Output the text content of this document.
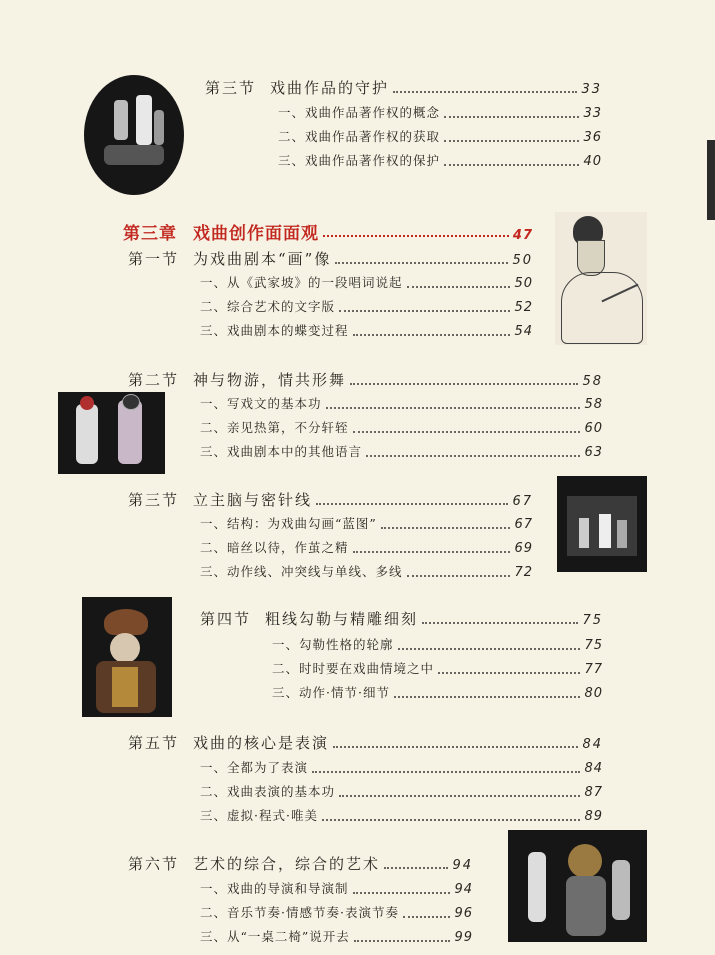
第三节 戏曲作品的守护	33
一、戏曲作品著作权的概念	33
二、戏曲作品著作权的获取	36
三、戏曲作品著作权的保护	40
第三章 戏曲创作面面观	47
第一节 为戏曲剧本“画”像	50
一、从《武家坡》的一段唱词说起	50
二、综合艺术的文字版	52
三、戏曲剧本的蝶变过程	54
第二节 神与物游，情共形舞	58
一、写戏文的基本功	58
二、亲见热第，不分轩轾	60
三、戏曲剧本中的其他语言	63
第三节 立主脑与密针线	67
一、结构：为戏曲勾画“蓝图”	67
二、暗丝以待，作茧之精	69
三、动作线、冲突线与单线、多线	72
第四节 粗线勾勒与精雕细刻	75
一、勾勒性格的轮廓	75
二、时时要在戏曲情境之中	77
三、动作·情节·细节	80
第五节 戏曲的核心是表演	84
一、全都为了表演	84
二、戏曲表演的基本功	87
三、虚拟·程式·唯美	89
第六节 艺术的综合，综合的艺术	94
一、戏曲的导演和导演制	94
二、音乐节奏·情感节奏·表演节奏	96
三、从“一桌二椅”说开去	99
